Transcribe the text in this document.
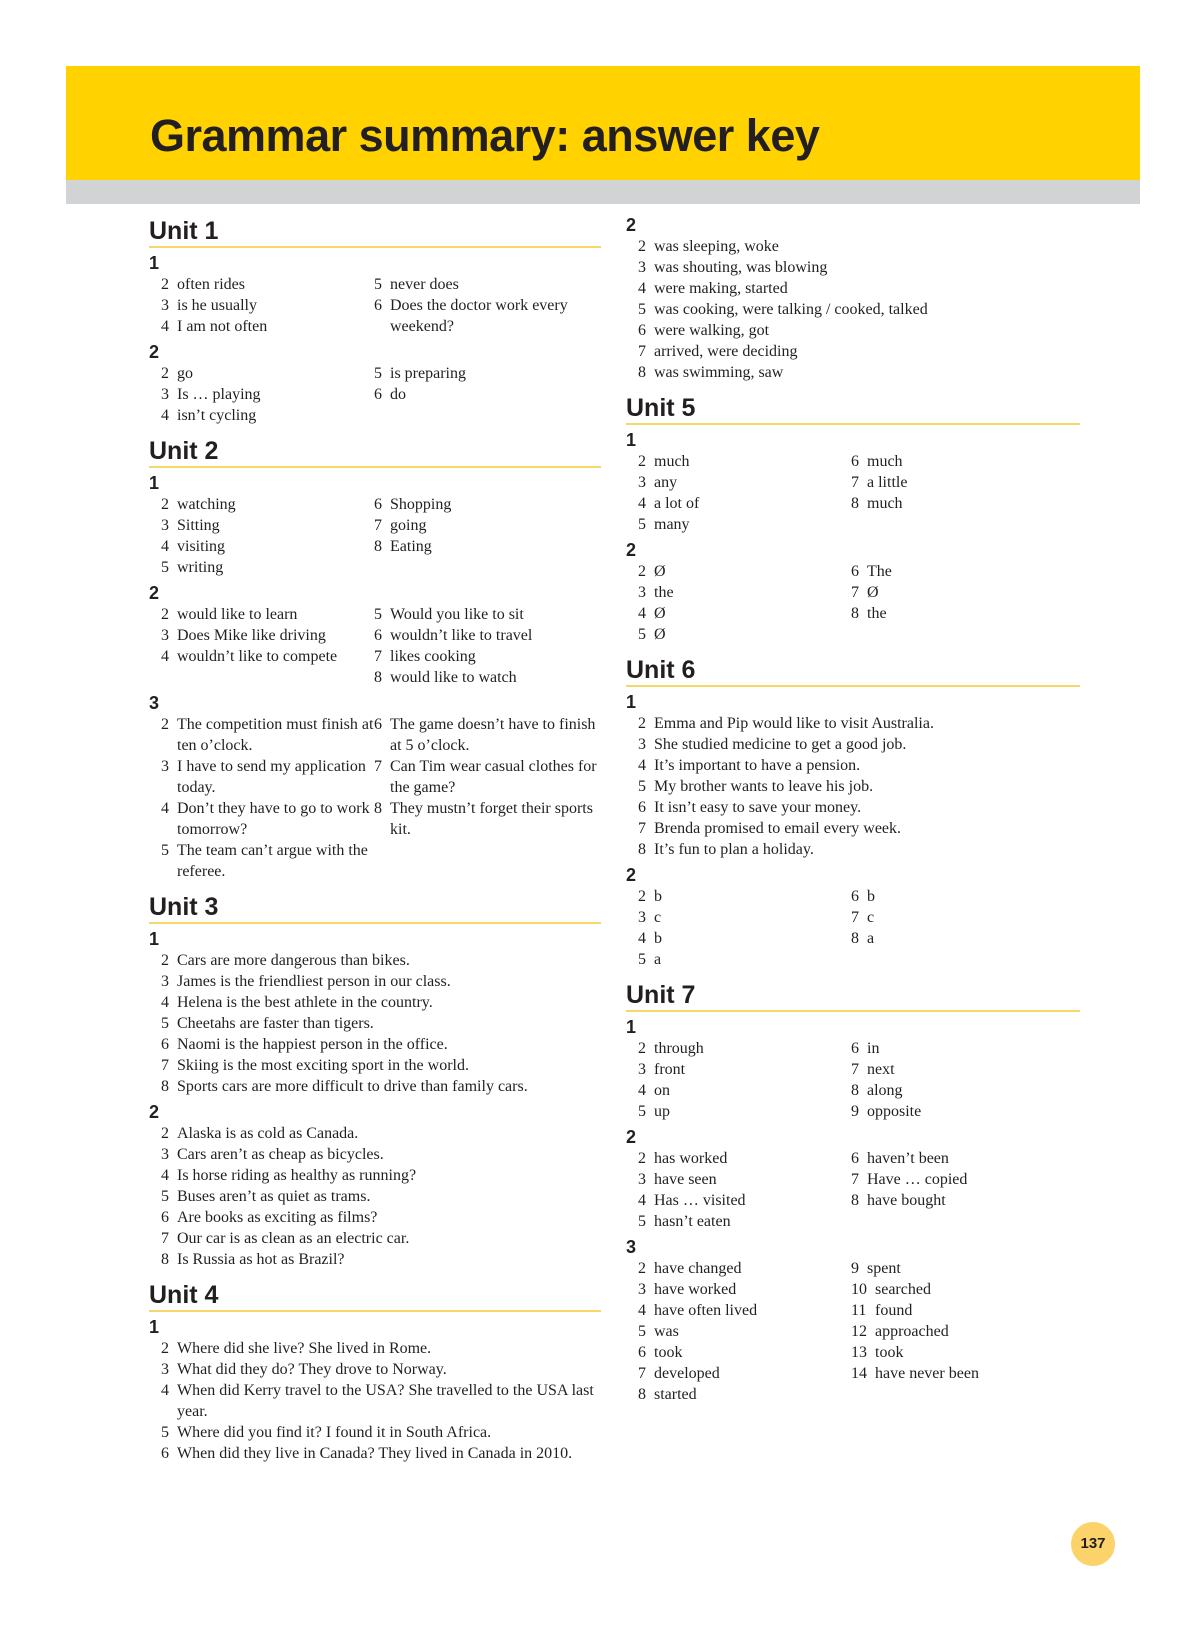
Grammar summary: answer key
Unit 1
1
2 often rides
3 is he usually
4 I am not often
5 never does
6 Does the doctor work every weekend?
2
2 go
3 Is … playing
4 isn’t cycling
5 is preparing
6 do
Unit 2
1
2 watching
3 Sitting
4 visiting
5 writing
6 Shopping
7 going
8 Eating
2
2 would like to learn
3 Does Mike like driving
4 wouldn’t like to compete
5 Would you like to sit
6 wouldn’t like to travel
7 likes cooking
8 would like to watch
3
2 The competition must finish at ten o’clock.
3 I have to send my application today.
4 Don’t they have to go to work tomorrow?
5 The team can’t argue with the referee.
6 The game doesn’t have to finish at 5 o’clock.
7 Can Tim wear casual clothes for the game?
8 They mustn’t forget their sports kit.
Unit 3
1
2 Cars are more dangerous than bikes.
3 James is the friendliest person in our class.
4 Helena is the best athlete in the country.
5 Cheetahs are faster than tigers.
6 Naomi is the happiest person in the office.
7 Skiing is the most exciting sport in the world.
8 Sports cars are more difficult to drive than family cars.
2
2 Alaska is as cold as Canada.
3 Cars aren’t as cheap as bicycles.
4 Is horse riding as healthy as running?
5 Buses aren’t as quiet as trams.
6 Are books as exciting as films?
7 Our car is as clean as an electric car.
8 Is Russia as hot as Brazil?
Unit 4
1
2 Where did she live? She lived in Rome.
3 What did they do? They drove to Norway.
4 When did Kerry travel to the USA? She travelled to the USA last year.
5 Where did you find it? I found it in South Africa.
6 When did they live in Canada? They lived in Canada in 2010.
2
2 was sleeping, woke
3 was shouting, was blowing
4 were making, started
5 was cooking, were talking / cooked, talked
6 were walking, got
7 arrived, were deciding
8 was swimming, saw
Unit 5
1
2 much
3 any
4 a lot of
5 many
6 much
7 a little
8 much
2
2 Ø
3 the
4 Ø
5 Ø
6 The
7 Ø
8 the
Unit 6
1
2 Emma and Pip would like to visit Australia.
3 She studied medicine to get a good job.
4 It’s important to have a pension.
5 My brother wants to leave his job.
6 It isn’t easy to save your money.
7 Brenda promised to email every week.
8 It’s fun to plan a holiday.
2
2 b
3 c
4 b
5 a
6 b
7 c
8 a
Unit 7
1
2 through
3 front
4 on
5 up
6 in
7 next
8 along
9 opposite
2
2 has worked
3 have seen
4 Has … visited
5 hasn’t eaten
6 haven’t been
7 Have … copied
8 have bought
3
2 have changed
3 have worked
4 have often lived
5 was
6 took
7 developed
8 started
9 spent
10 searched
11 found
12 approached
13 took
14 have never been
137
